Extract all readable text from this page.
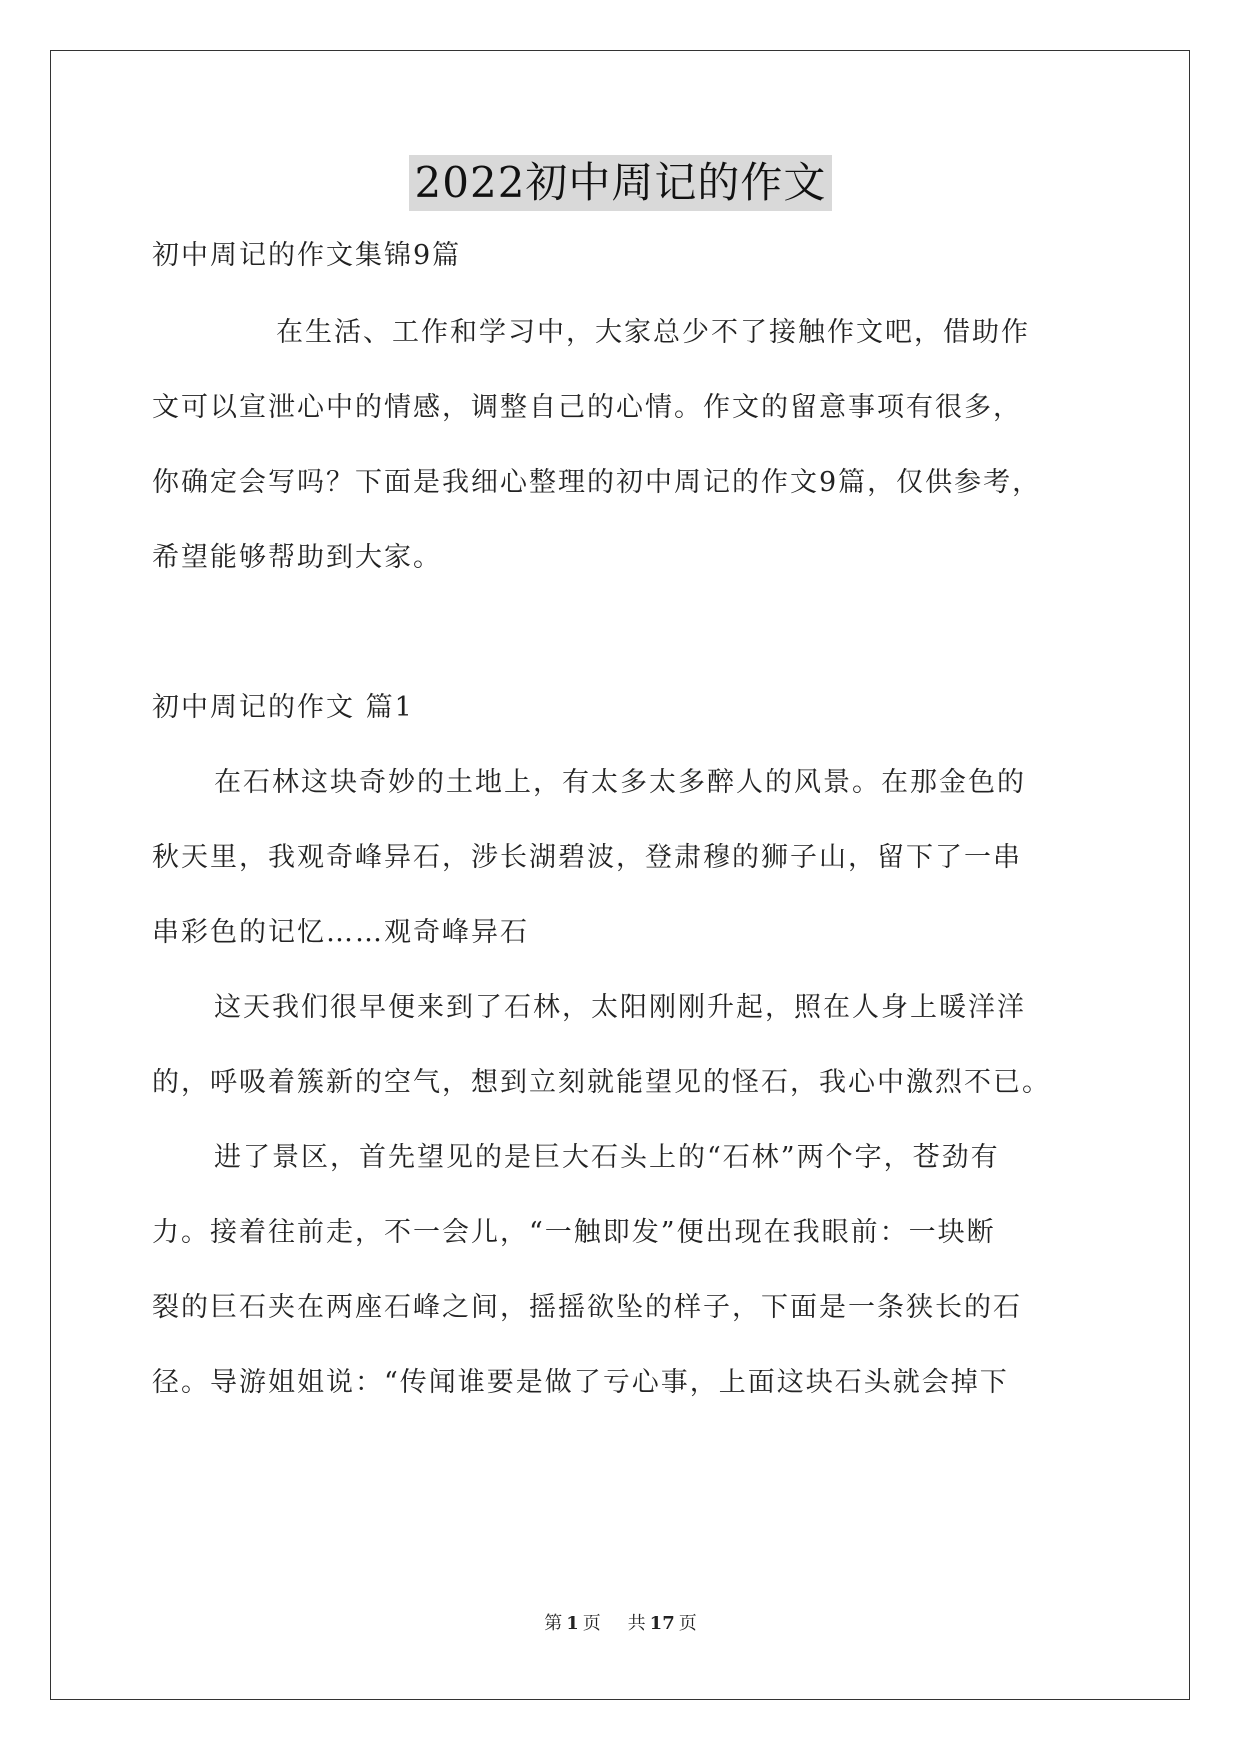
2022初中周记的作文
初中周记的作文集锦9篇
在生活、工作和学习中，大家总少不了接触作文吧，借助作
文可以宣泄心中的情感，调整自己的心情。作文的留意事项有很多，
你确定会写吗？下面是我细心整理的初中周记的作文9篇，仅供参考，
希望能够帮助到大家。
初中周记的作文 篇1
在石林这块奇妙的土地上，有太多太多醉人的风景。在那金色的
秋天里，我观奇峰异石，涉长湖碧波，登肃穆的狮子山，留下了一串
串彩色的记忆……观奇峰异石
这天我们很早便来到了石林，太阳刚刚升起，照在人身上暖洋洋
的，呼吸着簇新的空气，想到立刻就能望见的怪石，我心中激烈不已。
进了景区，首先望见的是巨大石头上的“石林”两个字，苍劲有
力。接着往前走，不一会儿，“一触即发”便出现在我眼前：一块断
裂的巨石夹在两座石峰之间，摇摇欲坠的样子，下面是一条狭长的石
径。导游姐姐说：“传闻谁要是做了亏心事，上面这块石头就会掉下
第 1 页 共 17 页
